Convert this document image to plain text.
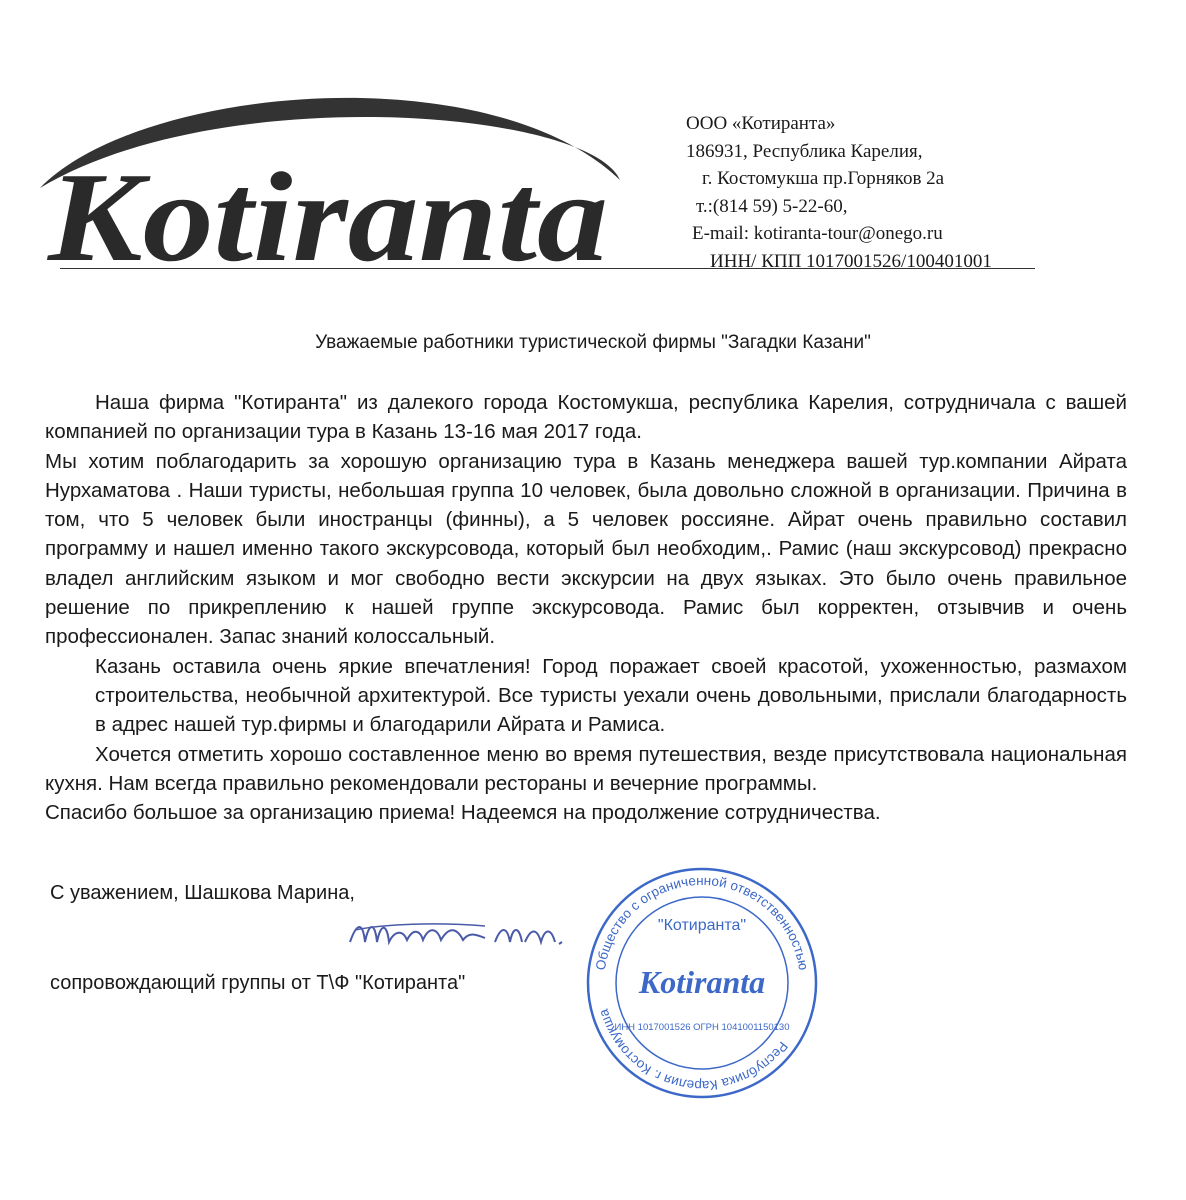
Kotiranta
ООО «Котиранта»
186931, Республика Карелия,
г. Костомукша пр.Горняков 2а
т.:(814 59) 5-22-60,
E-mail: kotiranta-tour@onego.ru
ИНН/ КПП 1017001526/100401001
Уважаемые работники туристической фирмы "Загадки Казани"

Наша фирма "Котиранта" из далекого города Костомукша, республика Карелия, сотрудничала с вашей компанией по организации тура в Казань 13-16 мая 2017 года.

Мы хотим поблагодарить за хорошую организацию тура в Казань менеджера вашей тур.компании Айрата Нурхаматова . Наши туристы, небольшая группа 10 человек, была довольно сложной в организации. Причина в том, что 5 человек были иностранцы (финны), а 5 человек россияне. Айрат очень правильно составил программу и нашел именно такого экскурсовода, который был необходим,. Рамис (наш экскурсовод) прекрасно владел английским языком и мог свободно вести экскурсии на двух языках. Это было очень правильное решение по прикреплению к нашей группе экскурсовода. Рамис был корректен, отзывчив и очень профессионален. Запас знаний колоссальный.

Казань оставила очень яркие впечатления! Город поражает своей красотой, ухоженностью, размахом строительства, необычной архитектурой. Все туристы уехали очень довольными, прислали благодарность в адрес нашей тур.фирмы и благодарили Айрата и Рамиса.

Хочется отметить хорошо составленное меню во время путешествия, везде присутствовала национальная кухня. Нам всегда правильно рекомендовали рестораны и вечерние программы.

Спасибо большое за организацию приема! Надеемся на продолжение сотрудничества.

С уважением, Шашкова Марина,
сопровождающий группы от Т\Ф "Котиранта"
Общество с ограниченной ответственностью
Республика Карелия г. Костомукша
"Котиранта"
Kotiranta
ИНН 1017001526 ОГРН 1041001150130
